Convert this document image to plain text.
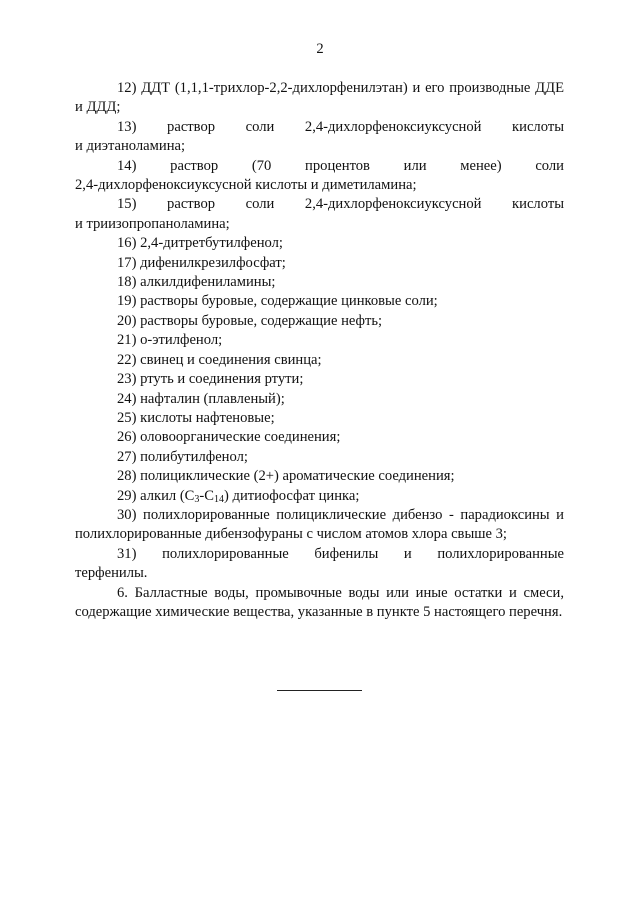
2

12) ДДТ (1,1,1-трихлор-2,2-дихлорфенилэтан) и его производные ДДЕ и ДДД;

13) раствор соли 2,4-дихлорфеноксиуксусной кислоты

и диэтаноламина;

14) раствор (70 процентов или менее) соли

2,4-дихлорфеноксиуксусной кислоты и диметиламина;

15) раствор соли 2,4-дихлорфеноксиуксусной кислоты

и триизопропаноламина;

16) 2,4-дитретбутилфенол;

17) дифенилкрезилфосфат;

18) алкилдифениламины;

19) растворы буровые, содержащие цинковые соли;

20) растворы буровые, содержащие нефть;

21) о-этилфенол;

22) свинец и соединения свинца;

23) ртуть и соединения ртути;

24) нафталин (плавленый);

25) кислоты нафтеновые;

26) оловоорганические соединения;

27) полибутилфенол;

28) полициклические (2+) ароматические соединения;

29) алкил $(С_3-С_{14})$ дитиофосфат цинка;

30) полихлорированные полициклические дибензо - парадиоксины и полихлорированные дибензофураны с числом атомов хлора свыше 3;

31) полихлорированные бифенилы и полихлорированные

терфенилы.

6. Балластные воды, промывочные воды или иные остатки и смеси, содержащие химические вещества, указанные в пункте 5 настоящего перечня.
